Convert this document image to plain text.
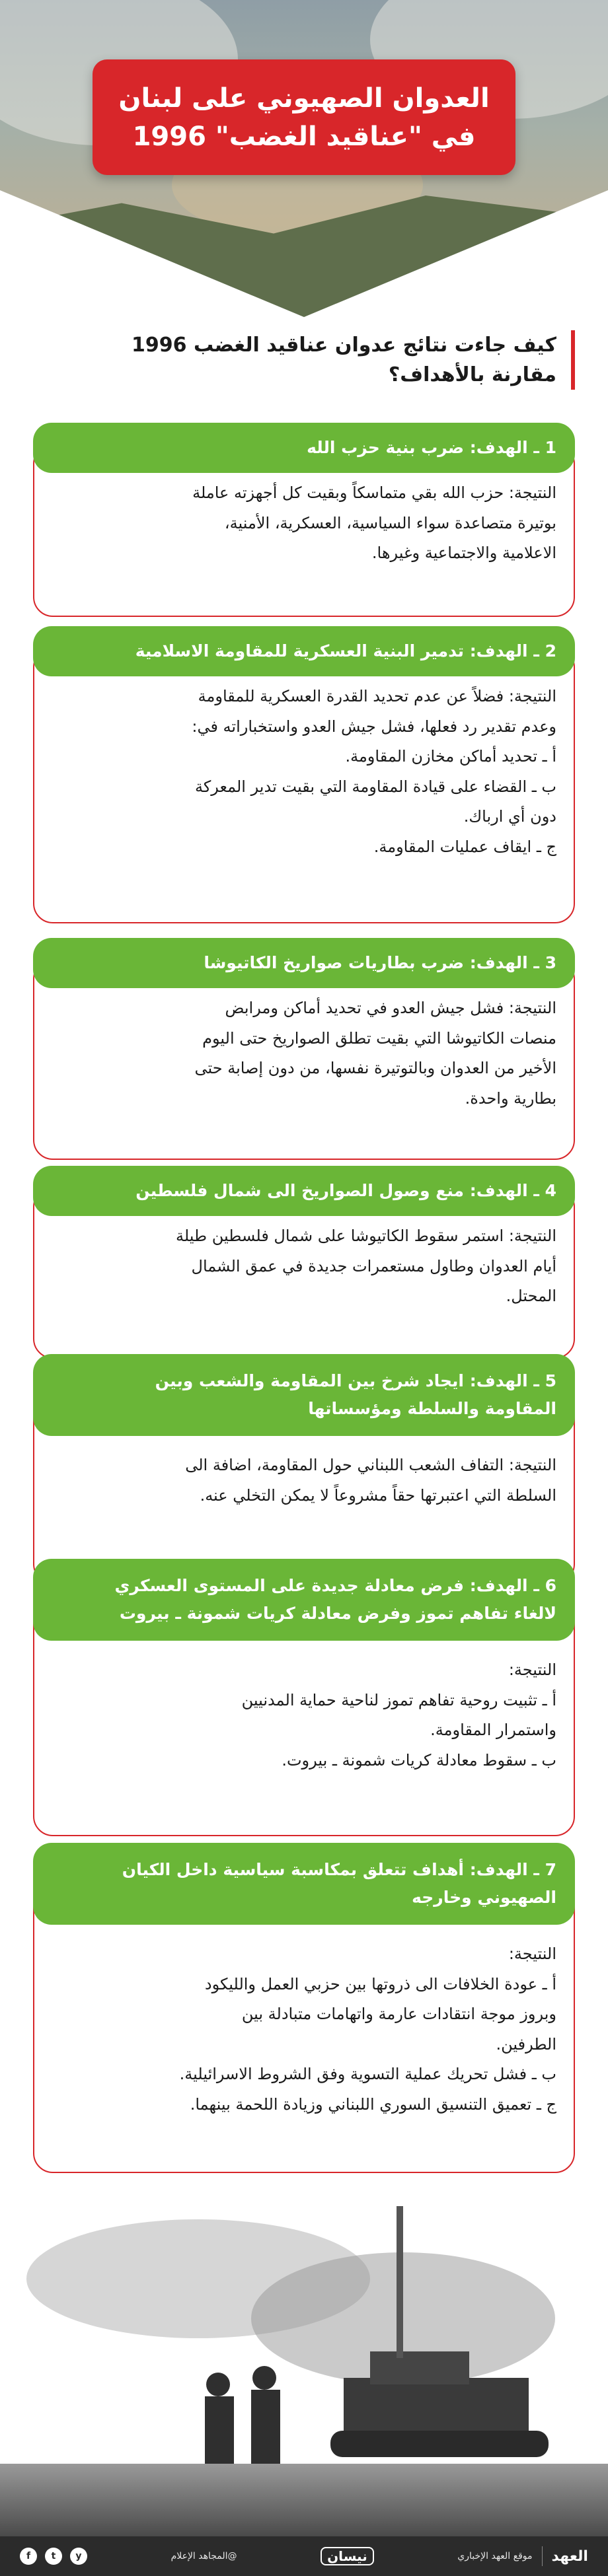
العدوان الصهيوني على لبنان
في "عناقيد الغضب" 1996
كيف جاءت نتائج عدوان عناقيد الغضب 1996
مقارنة بالأهداف؟

النتيجة: حزب الله بقي متماسكاً وبقيت كل أجهزته عاملة

بوتيرة متصاعدة سواء السياسية، العسكرية، الأمنية،

الاعلامية والاجتماعية وغيرها.

1 ـ الهدف: ضرب بنية حزب الله

النتيجة: فضلاً عن عدم تحديد القدرة العسكرية للمقاومة

وعدم تقدير رد فعلها، فشل جيش العدو واستخباراته في:

أ ـ تحديد أماكن مخازن المقاومة.

ب ـ القضاء على قيادة المقاومة التي بقيت تدير المعركة

دون أي ارباك.

ج ـ ايقاف عمليات المقاومة.

2 ـ الهدف: تدمير البنية العسكرية للمقاومة الاسلامية

النتيجة: فشل جيش العدو في تحديد أماكن ومرابض

منصات الكاتيوشا التي بقيت تطلق الصواريخ حتى اليوم

الأخير من العدوان وبالتوتيرة نفسها، من دون إصابة حتى

بطارية واحدة.

3 ـ الهدف: ضرب بطاريات صواريخ الكاتيوشا

النتيجة: استمر سقوط الكاتيوشا على شمال فلسطين طيلة

أيام العدوان وطاول مستعمرات جديدة في عمق الشمال

المحتل.

4 ـ الهدف: منع وصول الصواريخ الى شمال فلسطين

النتيجة: التفاف الشعب اللبناني حول المقاومة، اضافة الى

السلطة التي اعتبرتها حقاً مشروعاً لا يمكن التخلي عنه.

5 ـ الهدف: ايجاد شرخ بين المقاومة والشعب وبين
المقاومة والسلطة ومؤسساتها

النتيجة:

أ ـ تثبيت روحية تفاهم تموز لناحية حماية المدنيين

واستمرار المقاومة.

ب ـ سقوط معادلة كريات شمونة ـ بيروت.

6 ـ الهدف: فرض معادلة جديدة على المستوى العسكري
لالغاء تفاهم تموز وفرض معادلة كريات شمونة ـ بيروت

النتيجة:

أ ـ عودة الخلافات الى ذروتها بين حزبي العمل والليكود

وبروز موجة انتقادات عارمة واتهامات متبادلة بين

الطرفين.

ب ـ فشل تحريك عملية التسوية وفق الشروط الاسرائيلية.

ج ـ تعميق التنسيق السوري اللبناني وزيادة اللحمة بينهما.

7 ـ الهدف: أهداف تتعلق بمكاسبة سياسية داخل الكيان
الصهيوني وخارجه
f	t	y	@المجاهد الإعلام	نيسان	العهد
موقع العهد الإخباري
